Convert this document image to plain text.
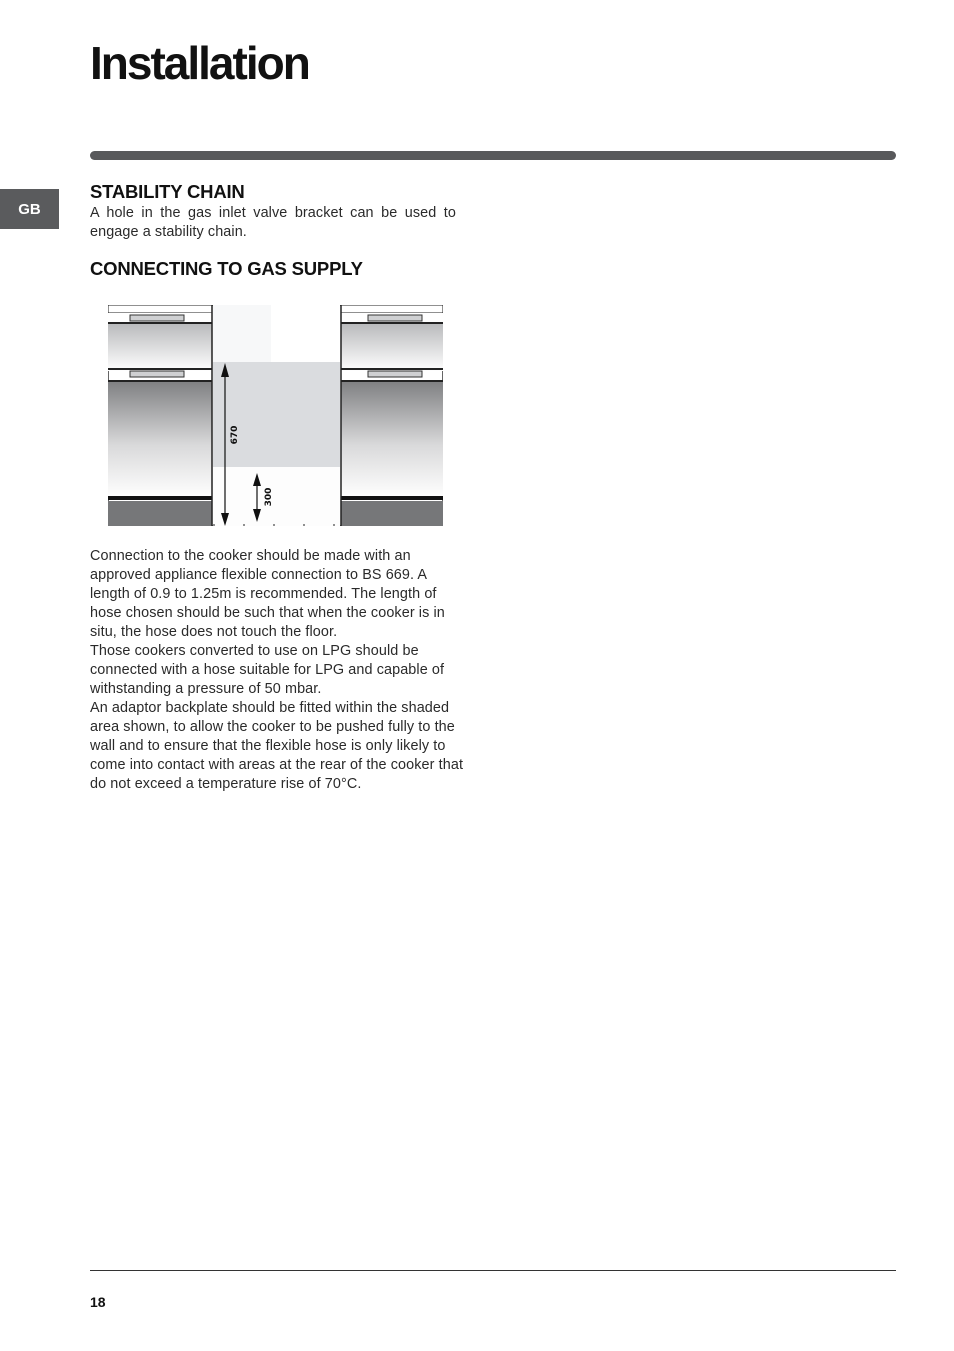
Installation
GB
STABILITY CHAIN

A hole in the gas inlet valve bracket can be used to engage a stability chain.

CONNECTING TO GAS SUPPLY
670
300

Connection to the cooker should be made with an approved appliance flexible connection to BS 669. A length of 0.9 to 1.25m is recommended. The length of hose chosen should be such that when the cooker is in situ, the hose does not touch the floor.

Those cookers converted to use on LPG should be connected with a hose suitable for LPG and capable of withstanding a pressure of 50 mbar.

An adaptor backplate should be fitted within the shaded area shown, to allow the cooker to be pushed fully to the wall and to ensure that the flexible hose is only likely to come into contact with areas at the rear of the cooker that do not exceed a temperature rise of 70°C.

18
